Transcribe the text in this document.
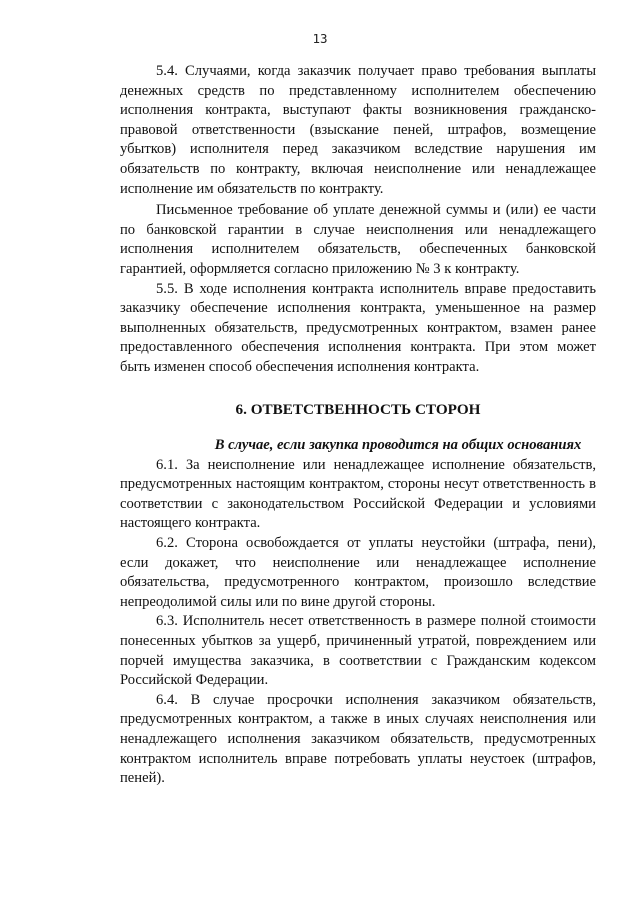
13

5.4. Случаями, когда заказчик получает право требования выплаты денежных средств по представленному исполнителем обеспечению исполнения контракта, выступают факты возникновения гражданско-правовой ответственности (взыскание пеней, штрафов, возмещение убытков) исполнителя перед заказчиком вследствие нарушения им обязательств по контракту, включая неисполнение или ненадлежащее исполнение им обязательств по контракту.

Письменное требование об уплате денежной суммы и (или) ее части по банковской гарантии в случае неисполнения или ненадлежащего исполнения исполнителем обязательств, обеспеченных банковской гарантией, оформляется согласно приложению № 3 к контракту.

5.5. В ходе исполнения контракта исполнитель вправе предоставить заказчику обеспечение исполнения контракта, уменьшенное на размер выполненных обязательств, предусмотренных контрактом, взамен ранее предоставленного обеспечения исполнения контракта. При этом может быть изменен способ обеспечения исполнения контракта.

6. ОТВЕТСТВЕННОСТЬ СТОРОН

В случае, если закупка проводится на общих основаниях

6.1. За неисполнение или ненадлежащее исполнение обязательств, предусмотренных настоящим контрактом, стороны несут ответственность в соответствии с законодательством Российской Федерации и условиями настоящего контракта.

6.2. Сторона освобождается от уплаты неустойки (штрафа, пени), если докажет, что неисполнение или ненадлежащее исполнение обязательства, предусмотренного контрактом, произошло вследствие непреодолимой силы или по вине другой стороны.

6.3. Исполнитель несет ответственность в размере полной стоимости понесенных убытков за ущерб, причиненный утратой, повреждением или порчей имущества заказчика, в соответствии с Гражданским кодексом Российской Федерации.

6.4. В случае просрочки исполнения заказчиком обязательств, предусмотренных контрактом, а также в иных случаях неисполнения или ненадлежащего исполнения заказчиком обязательств, предусмотренных контрактом исполнитель вправе потребовать уплаты неустоек (штрафов, пеней).
